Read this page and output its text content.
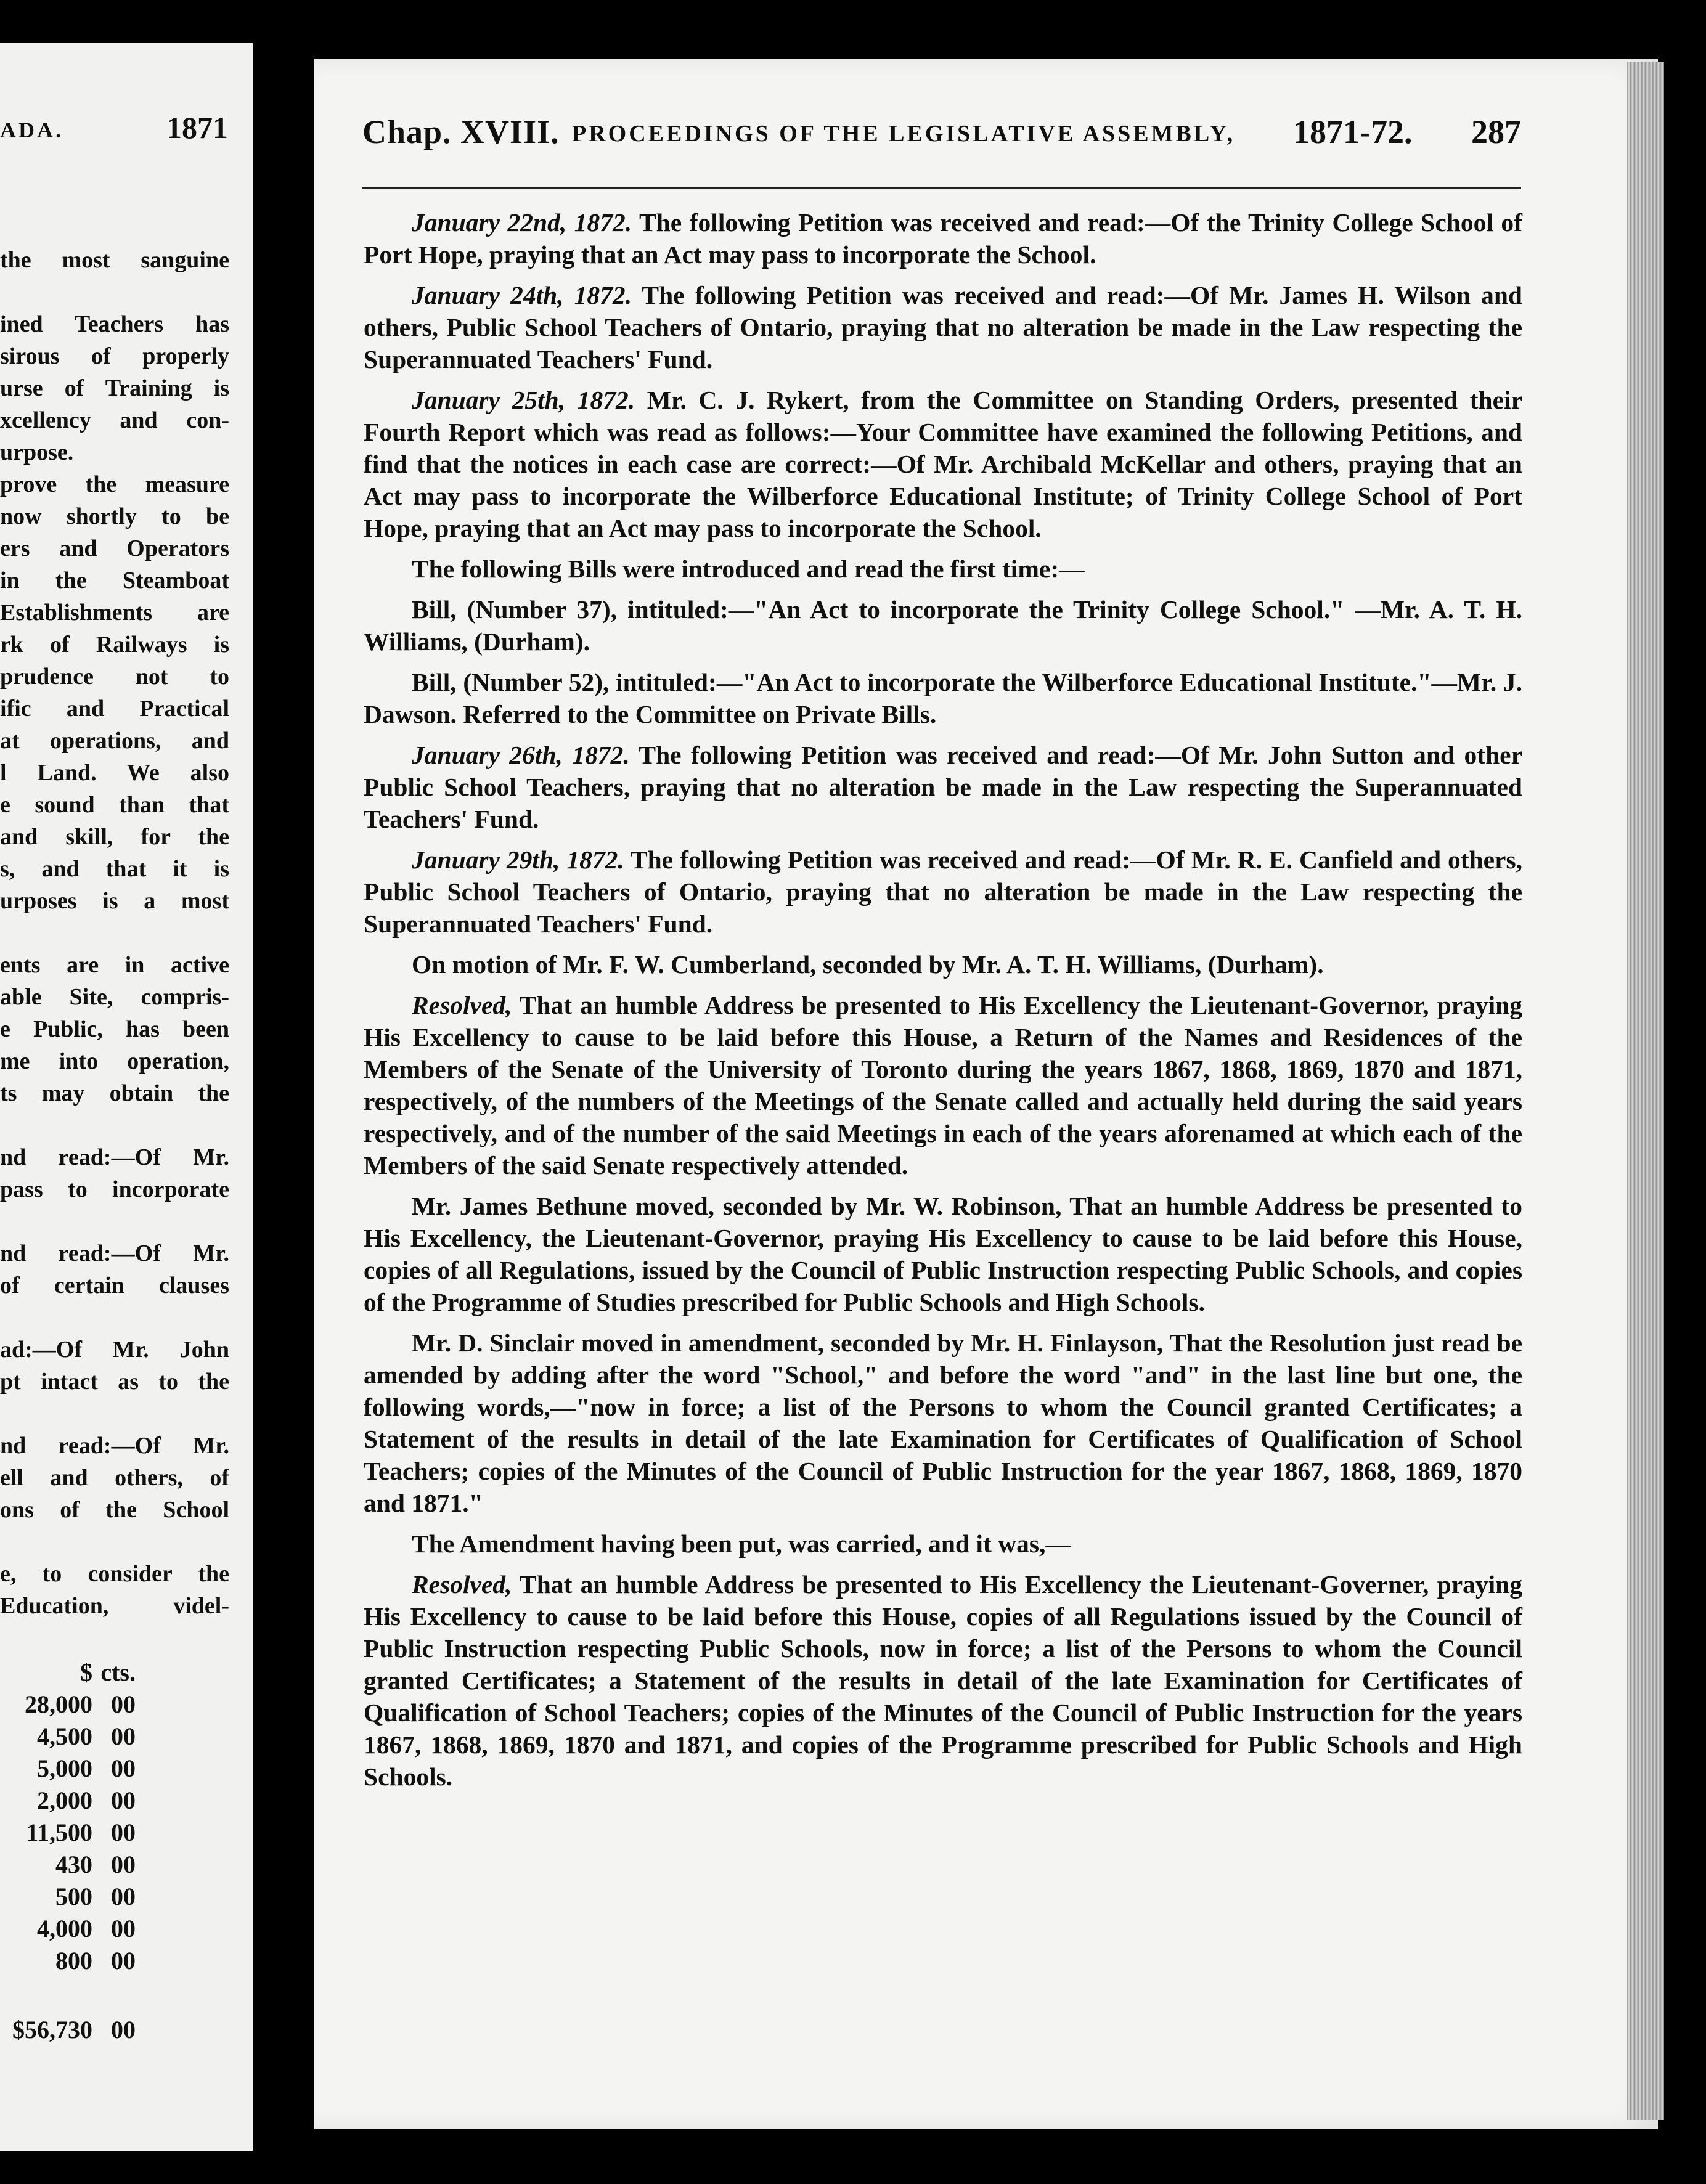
ADA.	1871
the most sanguine
ined Teachers has
sirous of properly
urse of Training is
xcellency and con-
urpose.
prove the measure
now shortly to be
ers and Operators
in the Steamboat
Establishments are
rk of Railways is
prudence not to
ific and Practical
at operations, and
l Land. We also
e sound than that
and skill, for the
s, and that it is
urposes is a most
ents are in active
able Site, compris-
e Public, has been
me into operation,
ts may obtain the
nd read:—Of Mr.
pass to incorporate
nd read:—Of Mr.
of certain clauses
ad:—Of Mr. John
pt intact as to the
nd read:—Of Mr.
ell and others, of
ons of the School
e, to consider the
Education, videl-
$ cts.
28,000 00
4,500 00
5,000 00
2,000 00
11,500 00
430 00
500 00
4,000 00
800 00
$56,730 00
Chap. XVIII. PROCEEDINGS OF THE LEGISLATIVE ASSEMBLY, 1871-72. 287

January 22nd, 1872. The following Petition was received and read:—Of the Trinity College School of Port Hope, praying that an Act may pass to incorporate the School.

January 24th, 1872. The following Petition was received and read:—Of Mr. James H. Wilson and others, Public School Teachers of Ontario, praying that no alteration be made in the Law respecting the Superannuated Teachers' Fund.

January 25th, 1872. Mr. C. J. Rykert, from the Committee on Standing Orders, presented their Fourth Report which was read as follows:—Your Committee have examined the following Petitions, and find that the notices in each case are correct:—Of Mr. Archibald McKellar and others, praying that an Act may pass to incorporate the Wilberforce Educational Institute; of Trinity College School of Port Hope, praying that an Act may pass to incorporate the School.

The following Bills were introduced and read the first time:—

Bill, (Number 37), intituled:—"An Act to incorporate the Trinity College School." —Mr. A. T. H. Williams, (Durham).

Bill, (Number 52), intituled:—"An Act to incorporate the Wilberforce Educational Institute."—Mr. J. Dawson. Referred to the Committee on Private Bills.

January 26th, 1872. The following Petition was received and read:—Of Mr. John Sutton and other Public School Teachers, praying that no alteration be made in the Law respecting the Superannuated Teachers' Fund.

January 29th, 1872. The following Petition was received and read:—Of Mr. R. E. Canfield and others, Public School Teachers of Ontario, praying that no alteration be made in the Law respecting the Superannuated Teachers' Fund.

On motion of Mr. F. W. Cumberland, seconded by Mr. A. T. H. Williams, (Durham).

Resolved, That an humble Address be presented to His Excellency the Lieutenant-Governor, praying His Excellency to cause to be laid before this House, a Return of the Names and Residences of the Members of the Senate of the University of Toronto during the years 1867, 1868, 1869, 1870 and 1871, respectively, of the numbers of the Meetings of the Senate called and actually held during the said years respectively, and of the number of the said Meetings in each of the years aforenamed at which each of the Members of the said Senate respectively attended.

Mr. James Bethune moved, seconded by Mr. W. Robinson, That an humble Address be presented to His Excellency, the Lieutenant-Governor, praying His Excellency to cause to be laid before this House, copies of all Regulations, issued by the Council of Public Instruction respecting Public Schools, and copies of the Programme of Studies prescribed for Public Schools and High Schools.

Mr. D. Sinclair moved in amendment, seconded by Mr. H. Finlayson, That the Resolution just read be amended by adding after the word "School," and before the word "and" in the last line but one, the following words,—"now in force; a list of the Persons to whom the Council granted Certificates; a Statement of the results in detail of the late Examination for Certificates of Qualification of School Teachers; copies of the Minutes of the Council of Public Instruction for the year 1867, 1868, 1869, 1870 and 1871."

The Amendment having been put, was carried, and it was,—

Resolved, That an humble Address be presented to His Excellency the Lieutenant-Governer, praying His Excellency to cause to be laid before this House, copies of all Regulations issued by the Council of Public Instruction respecting Public Schools, now in force; a list of the Persons to whom the Council granted Certificates; a Statement of the results in detail of the late Examination for Certificates of Qualification of School Teachers; copies of the Minutes of the Council of Public Instruction for the years 1867, 1868, 1869, 1870 and 1871, and copies of the Programme prescribed for Public Schools and High Schools.
